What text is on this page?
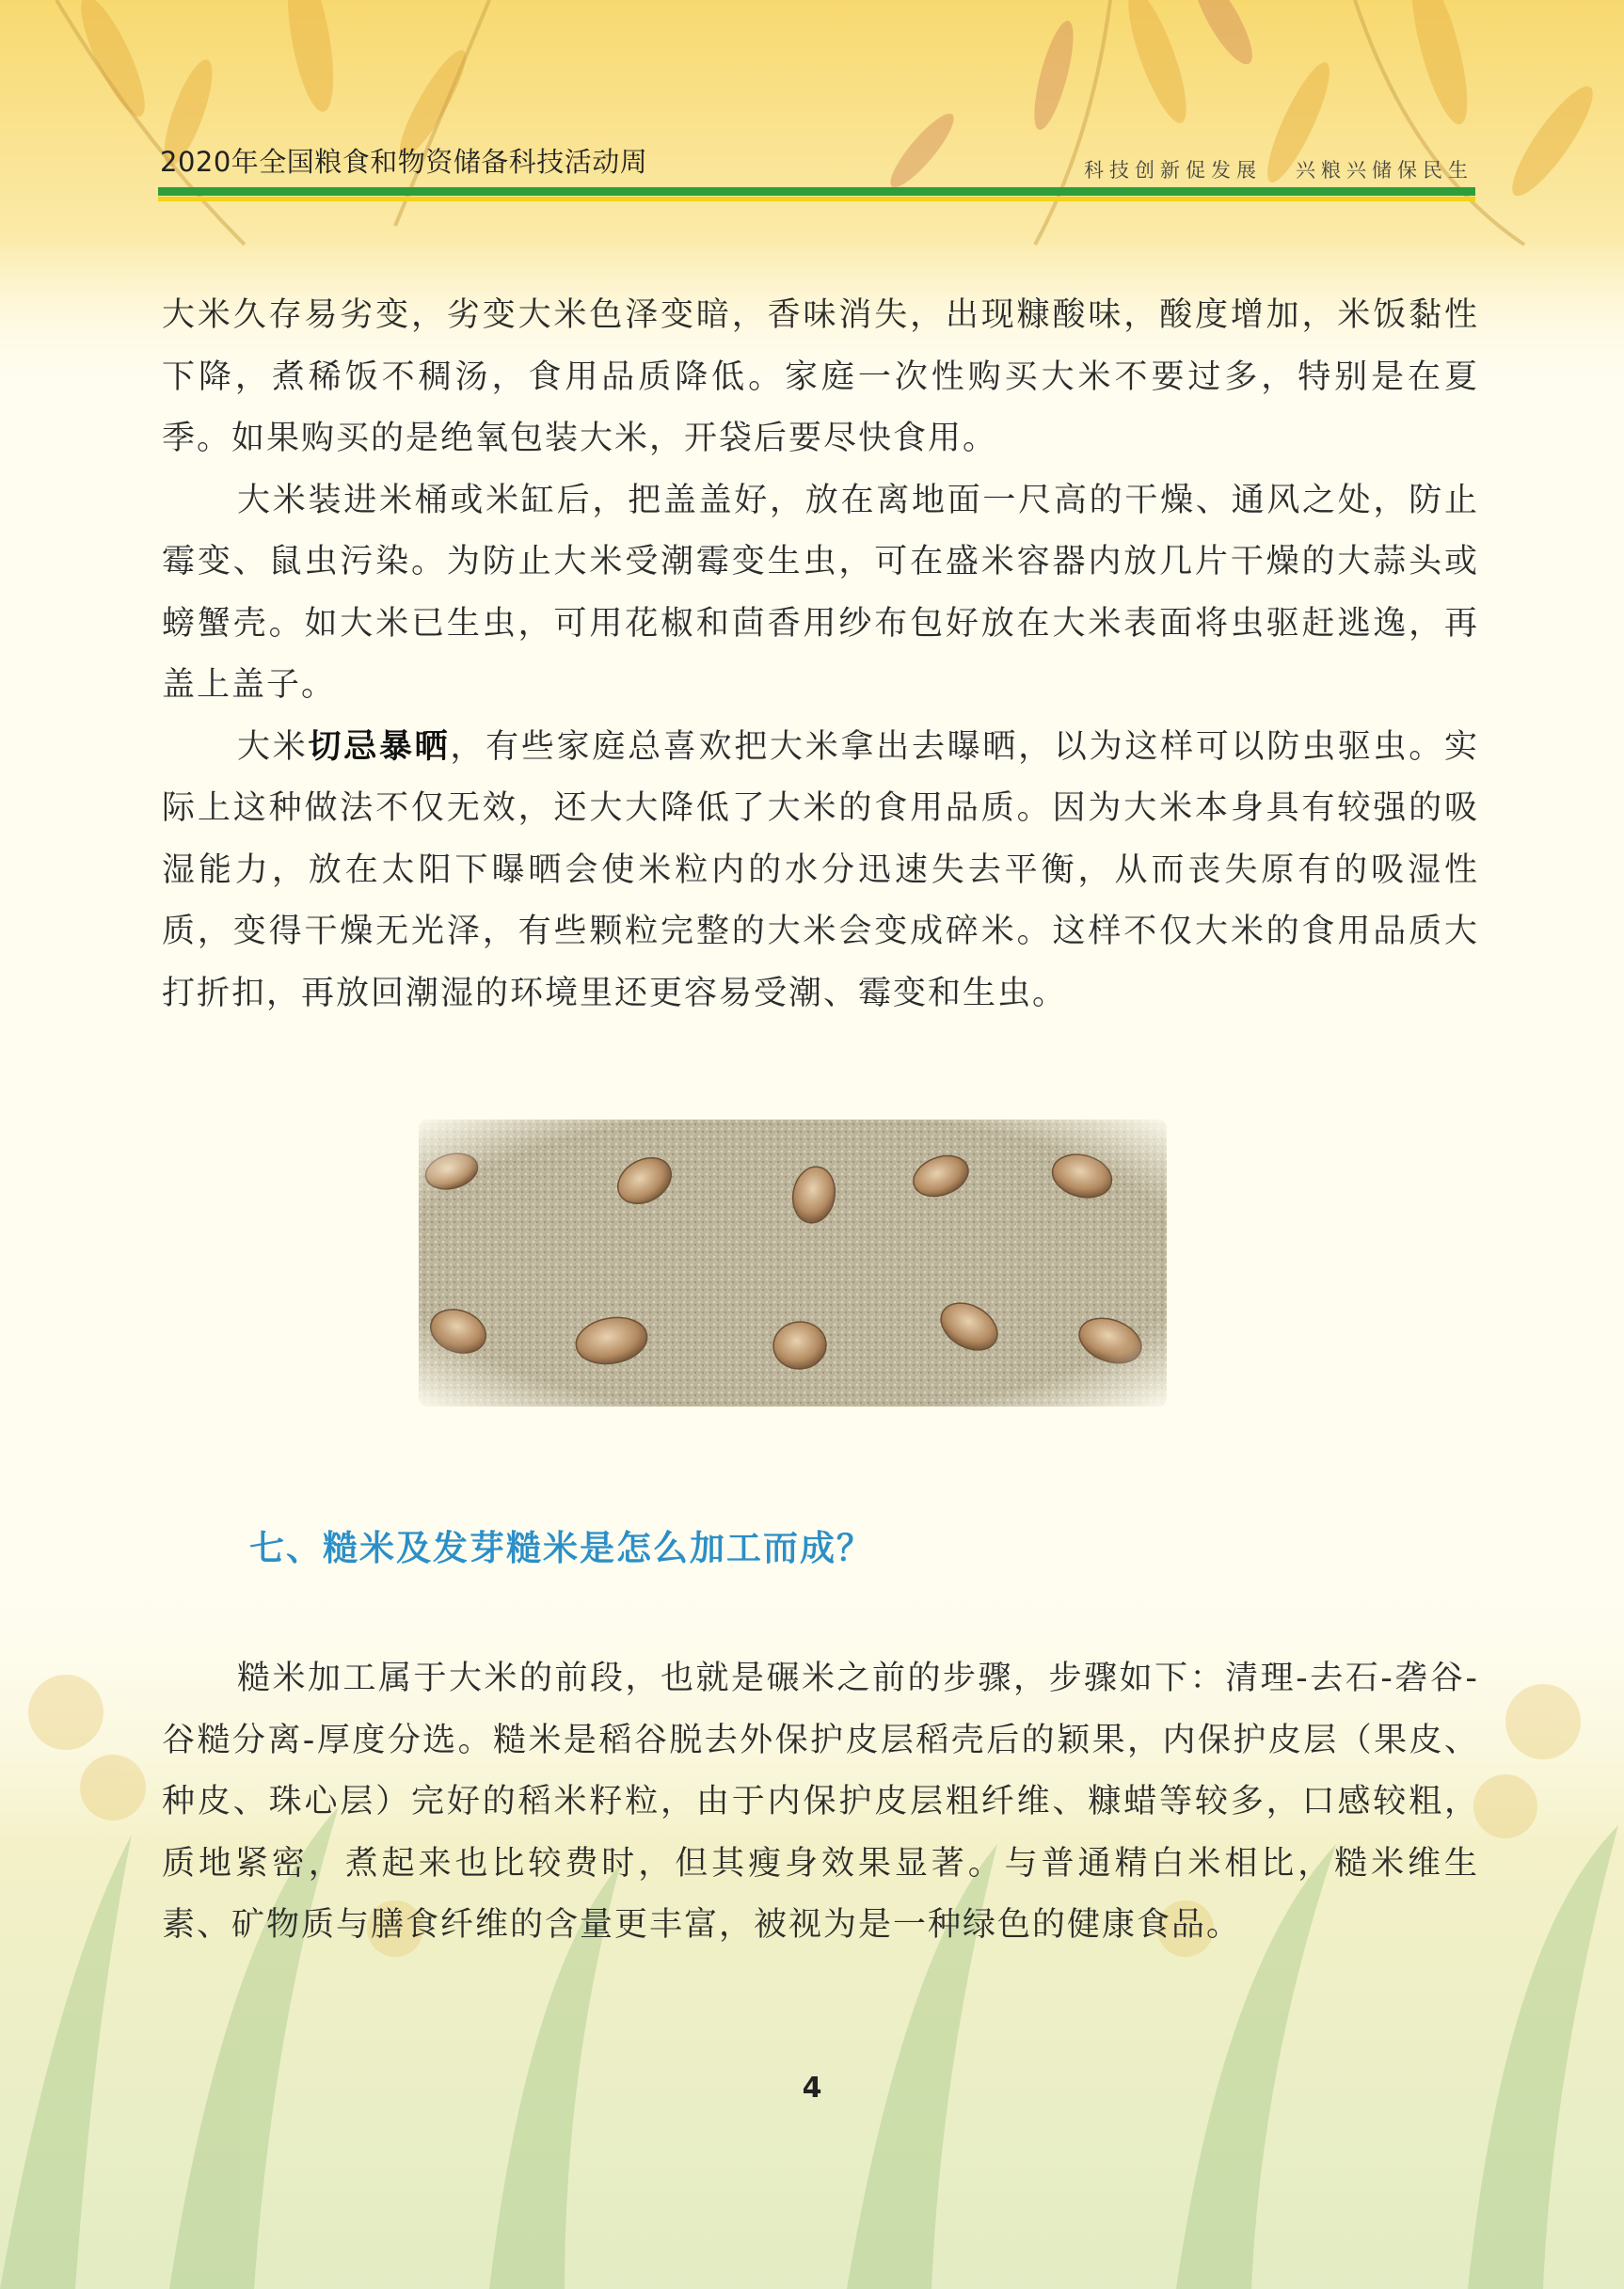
2020年全国粮食和物资储备科技活动周	科技创新促发展 兴粮兴储保民生

大米久存易劣变，劣变大米色泽变暗，香味消失，出现糠酸味，酸度增加，米饭黏性下降，煮稀饭不稠汤，食用品质降低。家庭一次性购买大米不要过多，特别是在夏季。如果购买的是绝氧包装大米，开袋后要尽快食用。

大米装进米桶或米缸后，把盖盖好，放在离地面一尺高的干燥、通风之处，防止霉变、鼠虫污染。为防止大米受潮霉变生虫，可在盛米容器内放几片干燥的大蒜头或螃蟹壳。如大米已生虫，可用花椒和茴香用纱布包好放在大米表面将虫驱赶逃逸，再盖上盖子。

大米切忌暴晒，有些家庭总喜欢把大米拿出去曝晒，以为这样可以防虫驱虫。实际上这种做法不仅无效，还大大降低了大米的食用品质。因为大米本身具有较强的吸湿能力，放在太阳下曝晒会使米粒内的水分迅速失去平衡，从而丧失原有的吸湿性质，变得干燥无光泽，有些颗粒完整的大米会变成碎米。这样不仅大米的食用品质大打折扣，再放回潮湿的环境里还更容易受潮、霉变和生虫。

七、糙米及发芽糙米是怎么加工而成？

糙米加工属于大米的前段，也就是碾米之前的步骤，步骤如下：清理-去石-砻谷-谷糙分离-厚度分选。糙米是稻谷脱去外保护皮层稻壳后的颖果，内保护皮层（果皮、种皮、珠心层）完好的稻米籽粒，由于内保护皮层粗纤维、糠蜡等较多，口感较粗，质地紧密，煮起来也比较费时，但其瘦身效果显著。与普通精白米相比，糙米维生素、矿物质与膳食纤维的含量更丰富，被视为是一种绿色的健康食品。

4
